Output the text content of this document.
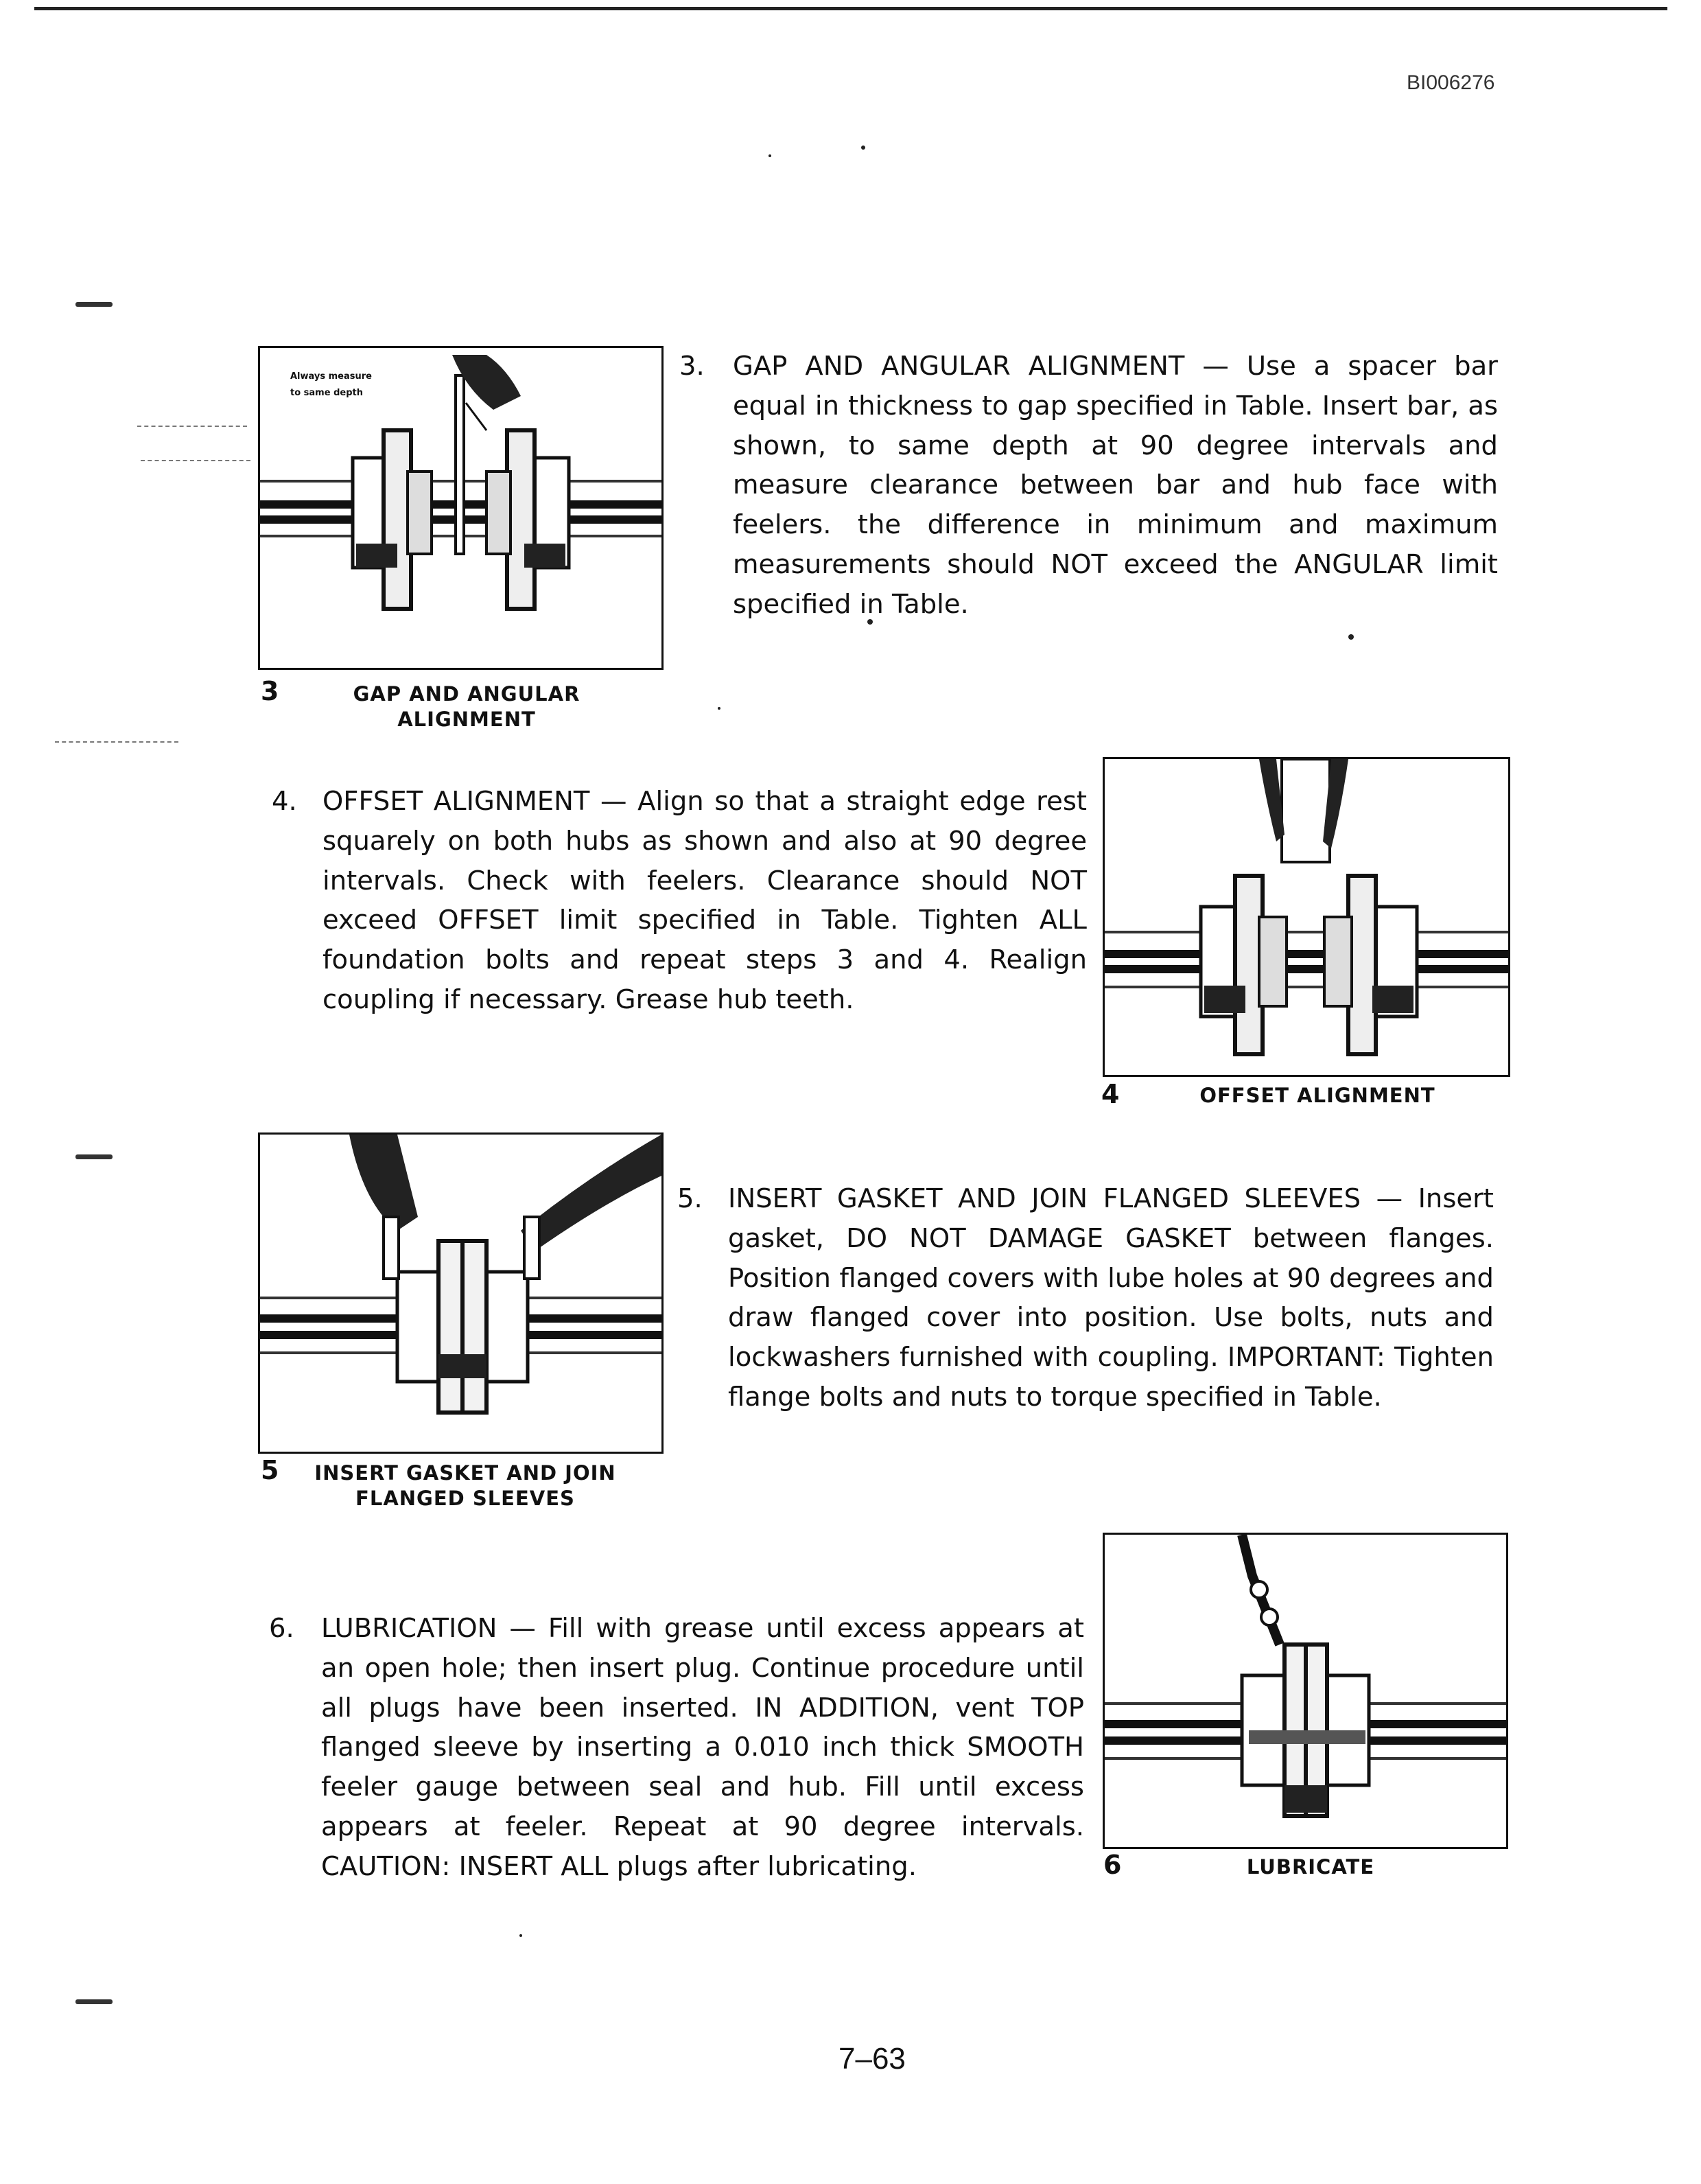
BI006276
Always measure
to same depth
3	GAP AND ANGULAR
ALIGNMENT
3. GAP AND ANGULAR ALIGNMENT — Use a spacer bar equal in thickness to gap specified in Table. Insert bar, as shown, to same depth at 90 degree intervals and measure clearance between bar and hub face with feelers. the difference in minimum and maximum measurements should NOT exceed the ANGULAR limit specified in Table.
4. OFFSET ALIGNMENT — Align so that a straight edge rest squarely on both hubs as shown and also at 90 degree intervals. Check with feelers. Clearance should NOT exceed OFFSET limit specified in Table. Tighten ALL foundation bolts and repeat steps 3 and 4. Realign coupling if necessary. Grease hub teeth.
4	OFFSET ALIGNMENT
5	INSERT GASKET AND JOIN
FLANGED SLEEVES
5. INSERT GASKET AND JOIN FLANGED SLEEVES — Insert gasket, DO NOT DAMAGE GASKET between flanges. Position flanged covers with lube holes at 90 degrees and draw flanged cover into position. Use bolts, nuts and lockwashers furnished with coupling. IMPORTANT: Tighten flange bolts and nuts to torque specified in Table.
6. LUBRICATION — Fill with grease until excess appears at an open hole; then insert plug. Continue procedure until all plugs have been inserted. IN ADDITION, vent TOP flanged sleeve by inserting a 0.010 inch thick SMOOTH feeler gauge between seal and hub. Fill until excess appears at feeler. Repeat at 90 degree intervals. CAUTION: INSERT ALL plugs after lubricating.	6	LUBRICATE
7–63
